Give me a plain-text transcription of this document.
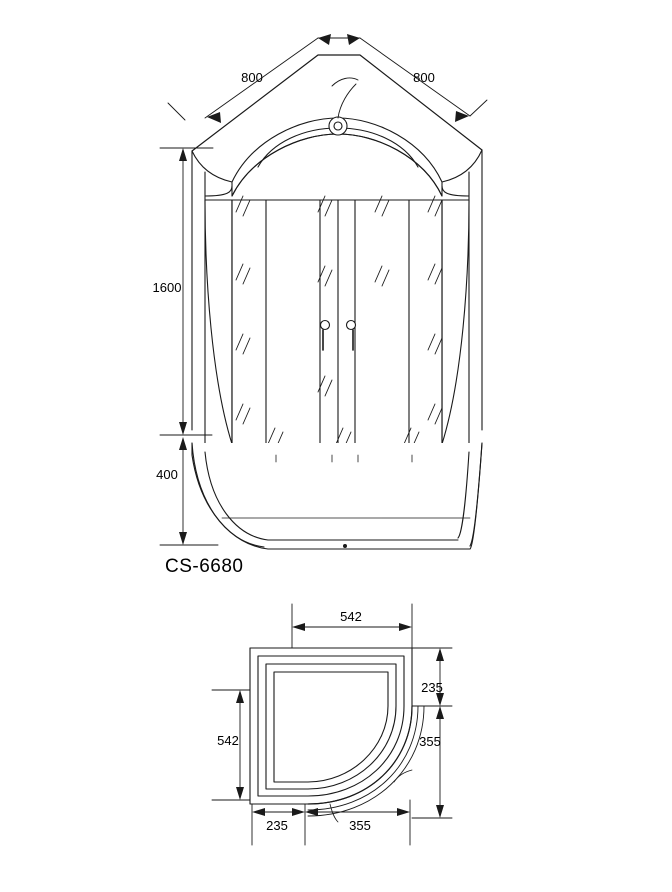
800	800
1600
400
CS-6680
542
542
235
355
235	355
